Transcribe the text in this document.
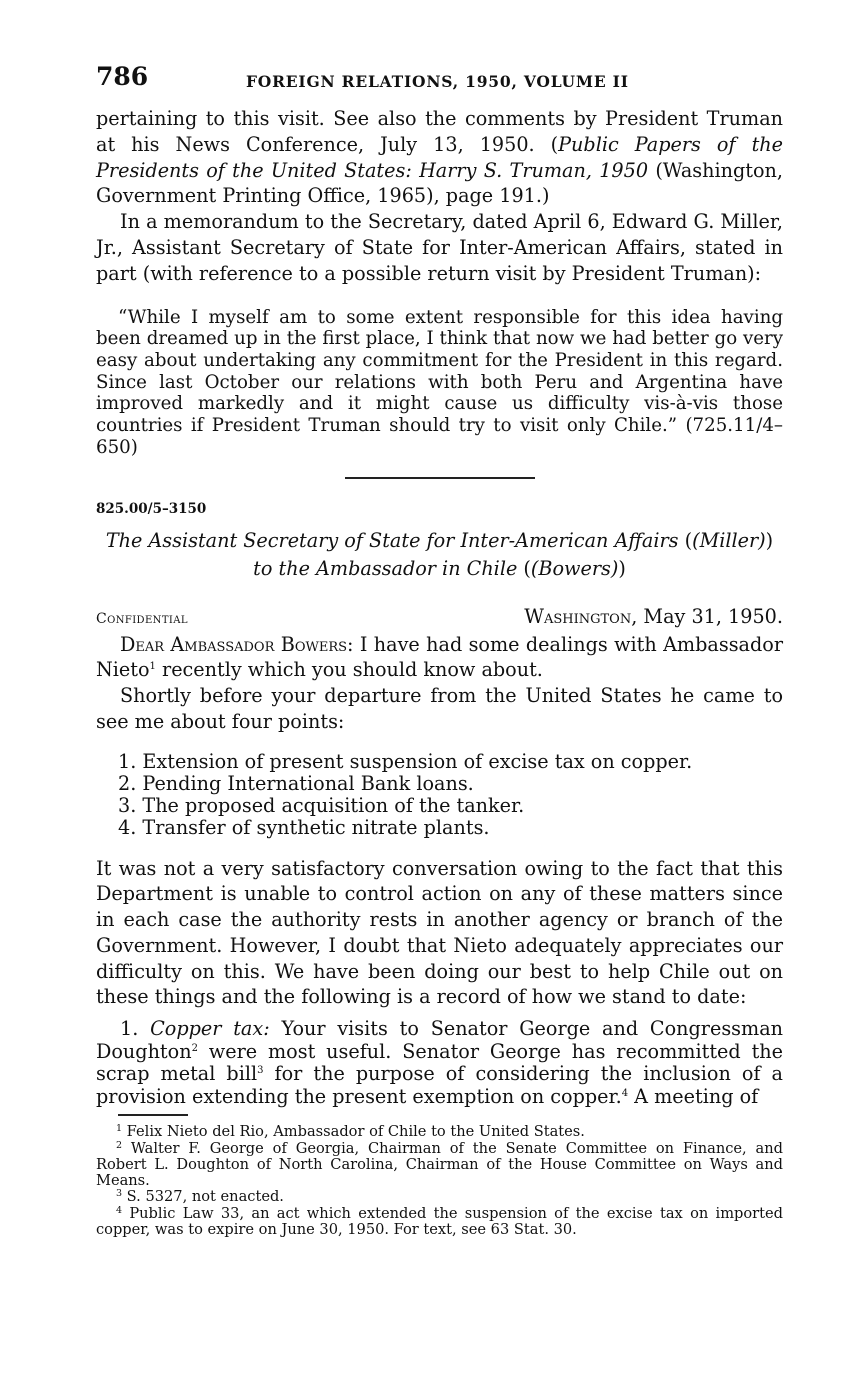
786	FOREIGN RELATIONS, 1950, VOLUME II

pertaining to this visit. See also the comments by President Truman at his News Conference, July 13, 1950. (Public Papers of the Presidents of the United States: Harry S. Truman, 1950 (Washington, Government Printing Office, 1965), page 191.)

In a memorandum to the Secretary, dated April 6, Edward G. Miller, Jr., Assistant Secretary of State for Inter-American Affairs, stated in part (with reference to a possible return visit by President Truman):

“While I myself am to some extent responsible for this idea having been dreamed up in the first place, I think that now we had better go very easy about undertaking any commitment for the President in this regard. Since last October our relations with both Peru and Argentina have improved markedly and it might cause us difficulty vis-à-vis those countries if President Truman should try to visit only Chile.” (725.11/4–650)

825.00/5–3150
The Assistant Secretary of State for Inter-American Affairs ((Miller))
to the Ambassador in Chile ((Bowers))
Confidential	Washington, May 31, 1950.

Dear Ambassador Bowers: I have had some dealings with Ambassador Nieto$^1$ recently which you should know about.

Shortly before your departure from the United States he came to see me about four points:

1. Extension of present suspension of excise tax on copper.
2. Pending International Bank loans.
3. The proposed acquisition of the tanker.
4. Transfer of synthetic nitrate plants.

It was not a very satisfactory conversation owing to the fact that this Department is unable to control action on any of these matters since in each case the authority rests in another agency or branch of the Government. However, I doubt that Nieto adequately appreciates our difficulty on this. We have been doing our best to help Chile out on these things and the following is a record of how we stand to date:

1. Copper tax: Your visits to Senator George and Congressman Doughton$^2$ were most useful. Senator George has recommitted the scrap metal bill$^3$ for the purpose of considering the inclusion of a provision extending the present exemption on copper.$^4$ A meeting of

$^1$ Felix Nieto del Rio, Ambassador of Chile to the United States.
$^2$ Walter F. George of Georgia, Chairman of the Senate Committee on Finance, and Robert L. Doughton of North Carolina, Chairman of the House Committee on Ways and Means.
$^3$ S. 5327, not enacted.
$^4$ Public Law 33, an act which extended the suspension of the excise tax on imported copper, was to expire on June 30, 1950. For text, see 63 Stat. 30.
